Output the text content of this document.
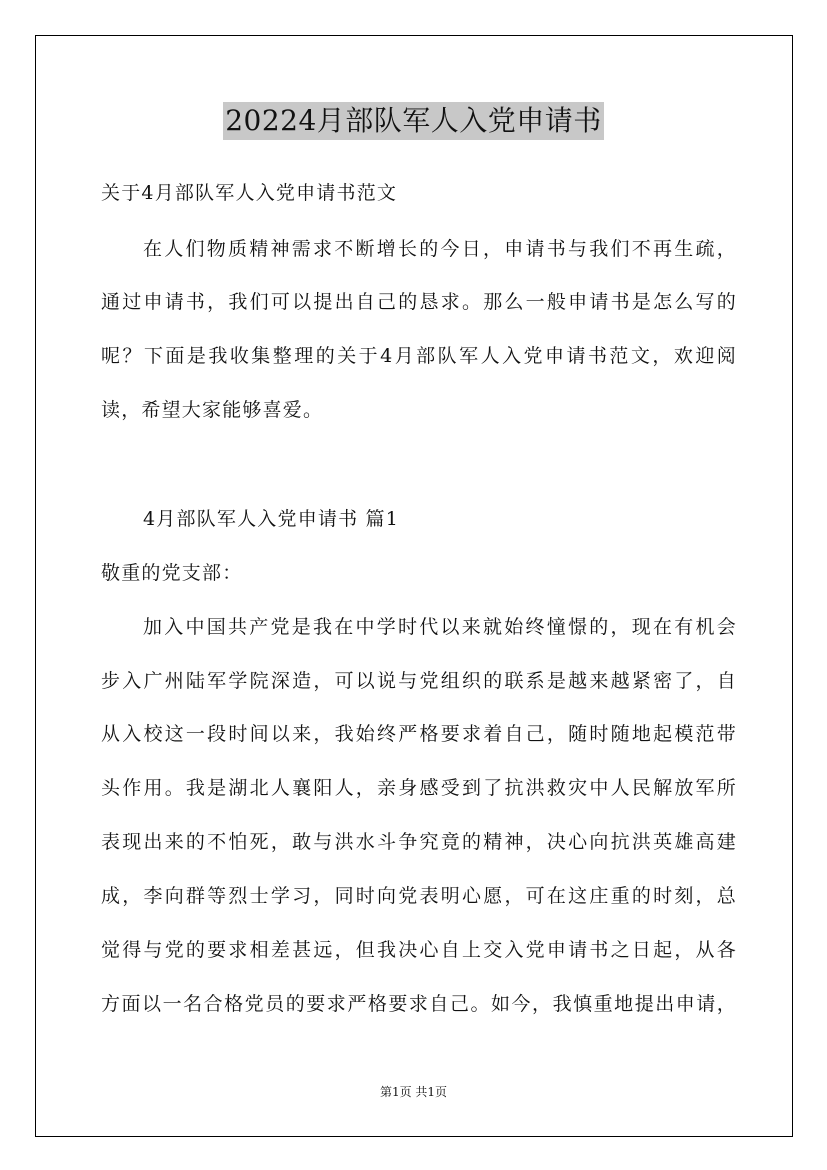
20224月部队军人入党申请书
关于4月部队军人入党申请书范文
在人们物质精神需求不断增长的今日，申请书与我们不再生疏，
通过申请书，我们可以提出自己的恳求。那么一般申请书是怎么写的
呢？下面是我收集整理的关于4月部队军人入党申请书范文，欢迎阅
读，希望大家能够喜爱。
4月部队军人入党申请书 篇1
敬重的党支部：
加入中国共产党是我在中学时代以来就始终憧憬的，现在有机会
步入广州陆军学院深造，可以说与党组织的联系是越来越紧密了，自
从入校这一段时间以来，我始终严格要求着自己，随时随地起模范带
头作用。我是湖北人襄阳人，亲身感受到了抗洪救灾中人民解放军所
表现出来的不怕死，敢与洪水斗争究竟的精神，决心向抗洪英雄高建
成，李向群等烈士学习，同时向党表明心愿，可在这庄重的时刻，总
觉得与党的要求相差甚远，但我决心自上交入党申请书之日起，从各
方面以一名合格党员的要求严格要求自己。如今，我慎重地提出申请，
第1页 共1页
